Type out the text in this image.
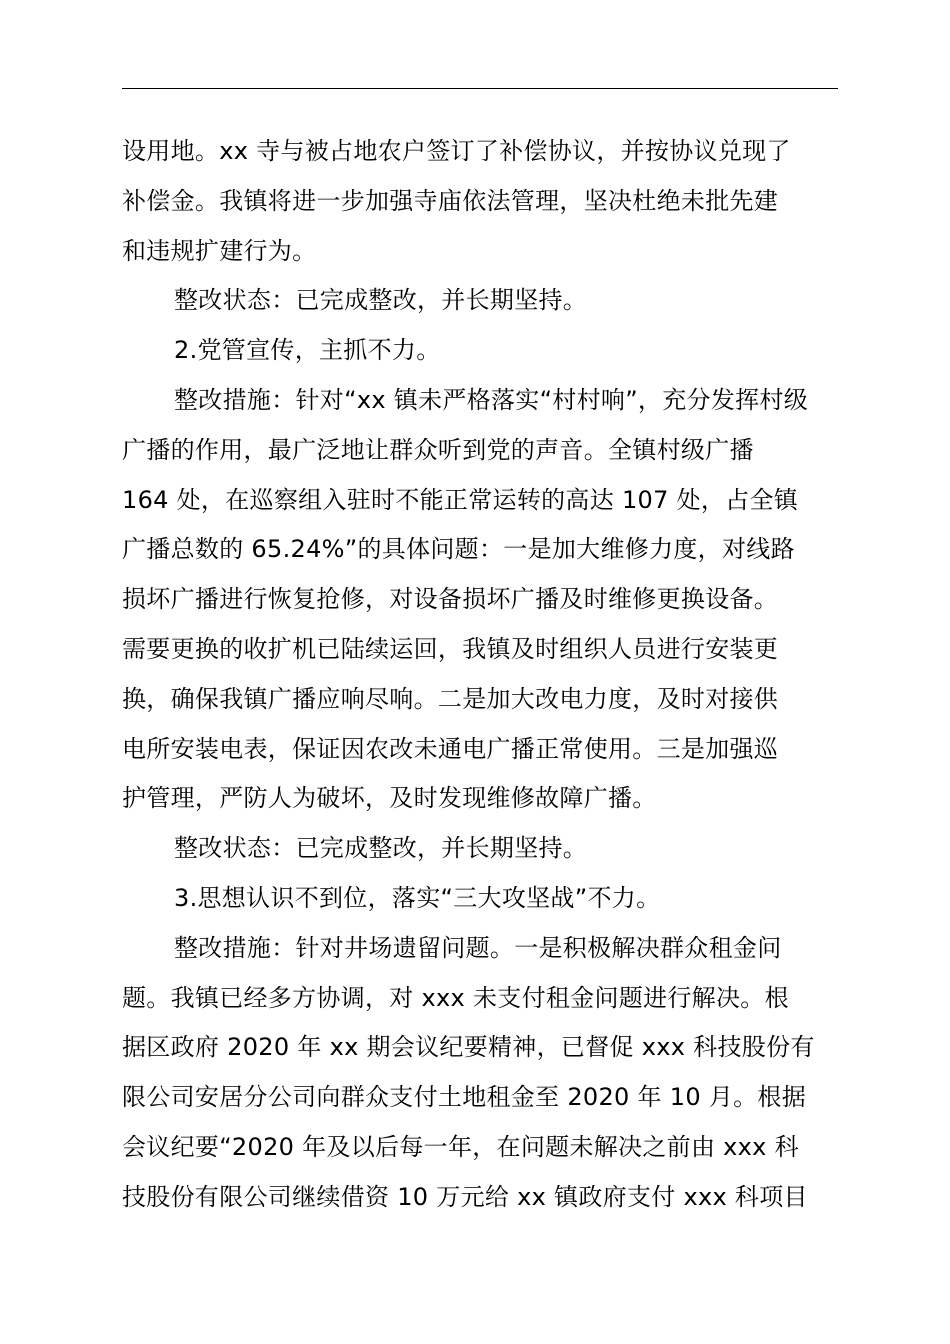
设用地。xx 寺与被占地农户签订了补偿协议，并按协议兑现了
补偿金。我镇将进一步加强寺庙依法管理，坚决杜绝未批先建
和违规扩建行为。
整改状态：已完成整改，并长期坚持。
2.党管宣传，主抓不力。
整改措施：针对“xx 镇未严格落实“村村响”，充分发挥村级
广播的作用，最广泛地让群众听到党的声音。全镇村级广播
164 处，在巡察组入驻时不能正常运转的高达 107 处，占全镇
广播总数的 65.24%”的具体问题：一是加大维修力度，对线路
损坏广播进行恢复抢修，对设备损坏广播及时维修更换设备。
需要更换的收扩机已陆续运回，我镇及时组织人员进行安装更
换，确保我镇广播应响尽响。二是加大改电力度，及时对接供
电所安装电表，保证因农改未通电广播正常使用。三是加强巡
护管理，严防人为破坏，及时发现维修故障广播。
整改状态：已完成整改，并长期坚持。
3.思想认识不到位，落实“三大攻坚战”不力。
整改措施：针对井场遗留问题。一是积极解决群众租金问
题。我镇已经多方协调，对 xxx 未支付租金问题进行解决。根
据区政府 2020 年 xx 期会议纪要精神，已督促 xxx 科技股份有
限公司安居分公司向群众支付土地租金至 2020 年 10 月。根据
会议纪要“2020 年及以后每一年，在问题未解决之前由 xxx 科
技股份有限公司继续借资 10 万元给 xx 镇政府支付 xxx 科项目
